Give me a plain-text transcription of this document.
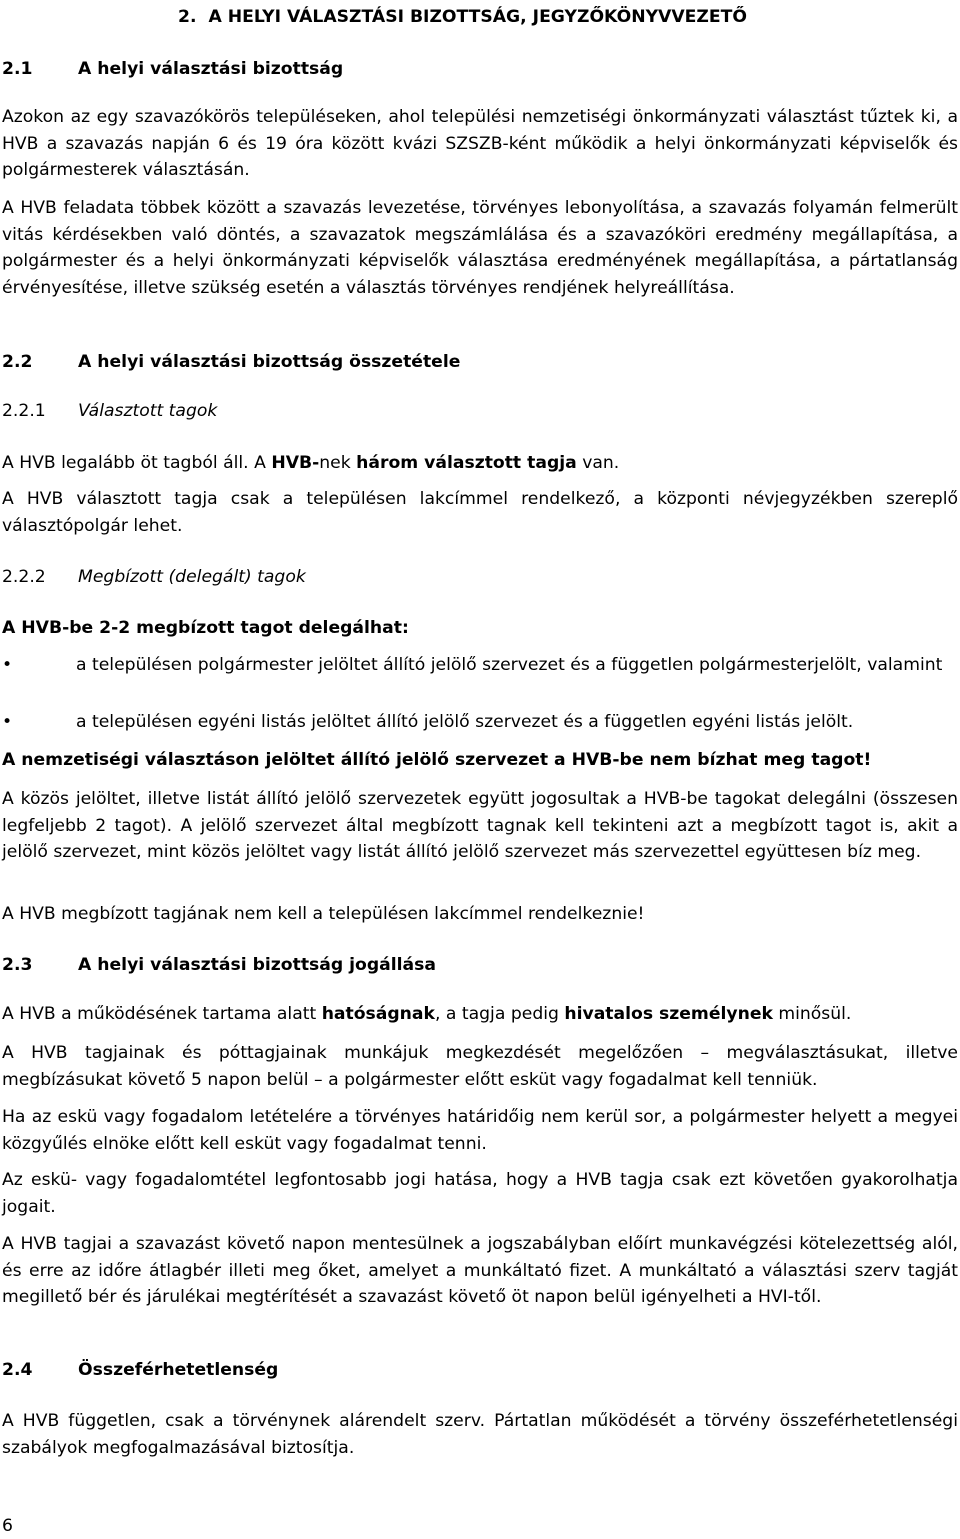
2. A HELYI VÁLASZTÁSI BIZOTTSÁG, JEGYZŐKÖNYVVEZETŐ
2.1	A helyi választási bizottság

Azokon az egy szavazókörös településeken, ahol települési nemzetiségi önkormányzati választást tűztek ki, a HVB a szavazás napján 6 és 19 óra között kvázi SZSZB-ként működik a helyi önkormányzati képviselők és polgármesterek választásán.

A HVB feladata többek között a szavazás levezetése, törvényes lebonyolítása, a szavazás folyamán felmerült vitás kérdésekben való döntés, a szavazatok megszámlálása és a szavazóköri eredmény megállapítása, a polgármester és a helyi önkormányzati képviselők választása eredményének megállapítása, a pártatlanság érvényesítése, illetve szükség esetén a választás törvényes rendjének helyreállítása.

2.2	A helyi választási bizottság összetétele
2.2.1 Választott tagok

A HVB legalább öt tagból áll. A HVB-nek három választott tagja van.

A HVB választott tagja csak a településen lakcímmel rendelkező, a központi névjegyzékben szereplő választópolgár lehet.

2.2.2 Megbízott (delegált) tagok

A HVB-be 2-2 megbízott tagot delegálhat:

•	a településen polgármester jelöltet állító jelölő szervezet és a független polgármesterjelölt, valamint
•	a településen egyéni listás jelöltet állító jelölő szervezet és a független egyéni listás jelölt.

A nemzetiségi választáson jelöltet állító jelölő szervezet a HVB-be nem bízhat meg tagot!

A közös jelöltet, illetve listát állító jelölő szervezetek együtt jogosultak a HVB-be tagokat delegálni (összesen legfeljebb 2 tagot). A jelölő szervezet által megbízott tagnak kell tekinteni azt a megbízott tagot is, akit a jelölő szervezet, mint közös jelöltet vagy listát állító jelölő szervezet más szervezettel együttesen bíz meg.

A HVB megbízott tagjának nem kell a településen lakcímmel rendelkeznie!

2.3	A helyi választási bizottság jogállása

A HVB a működésének tartama alatt hatóságnak, a tagja pedig hivatalos személynek minősül.

A HVB tagjainak és póttagjainak munkájuk megkezdését megelőzően – megválasztásukat, illetve megbízásukat követő 5 napon belül – a polgármester előtt esküt vagy fogadalmat kell tenniük.

Ha az eskü vagy fogadalom letételére a törvényes határidőig nem kerül sor, a polgármester helyett a megyei közgyűlés elnöke előtt kell esküt vagy fogadalmat tenni.

Az eskü- vagy fogadalomtétel legfontosabb jogi hatása, hogy a HVB tagja csak ezt követően gyakorolhatja jogait.

A HVB tagjai a szavazást követő napon mentesülnek a jogszabályban előírt munkavégzési kötelezettség alól, és erre az időre átlagbér illeti meg őket, amelyet a munkáltató fizet. A munkáltató a választási szerv tagját megillető bér és járulékai megtérítését a szavazást követő öt napon belül igényelheti a HVI-től.

2.4	Összeférhetetlenség

A HVB független, csak a törvénynek alárendelt szerv. Pártatlan működését a törvény összeférhetetlenségi szabályok megfogalmazásával biztosítja.

6
